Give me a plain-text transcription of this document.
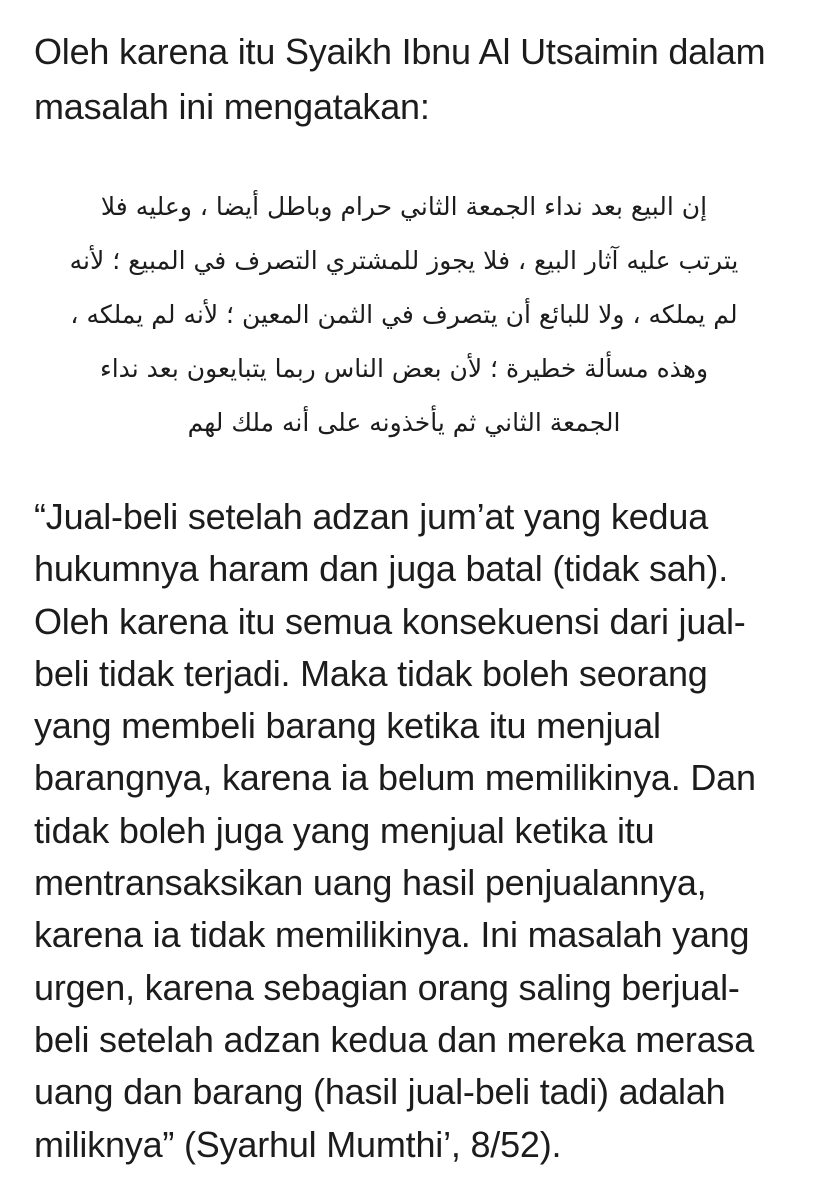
Oleh karena itu Syaikh Ibnu Al Utsaimin dalam
masalah ini mengatakan:

إن البيع بعد نداء الجمعة الثاني حرام وباطل أيضا ، وعليه فلا
يترتب عليه آثار البيع ، فلا يجوز للمشتري التصرف في المبيع ؛ لأنه
لم يملكه ، ولا للبائع أن يتصرف في الثمن المعين ؛ لأنه لم يملكه ،
وهذه مسألة خطيرة ؛ لأن بعض الناس ربما يتبايعون بعد نداء
الجمعة الثاني ثم يأخذونه على أنه ملك لهم
“Jual-beli setelah adzan jum’at yang kedua
hukumnya haram dan juga batal (tidak sah).
Oleh karena itu semua konsekuensi dari jual-
beli tidak terjadi. Maka tidak boleh seorang
yang membeli barang ketika itu menjual
barangnya, karena ia belum memilikinya. Dan
tidak boleh juga yang menjual ketika itu
mentransaksikan uang hasil penjualannya,
karena ia tidak memilikinya. Ini masalah yang
urgen, karena sebagian orang saling berjual-
beli setelah adzan kedua dan mereka merasa
uang dan barang (hasil jual-beli tadi) adalah
miliknya” (Syarhul Mumthi’, 8/52).
